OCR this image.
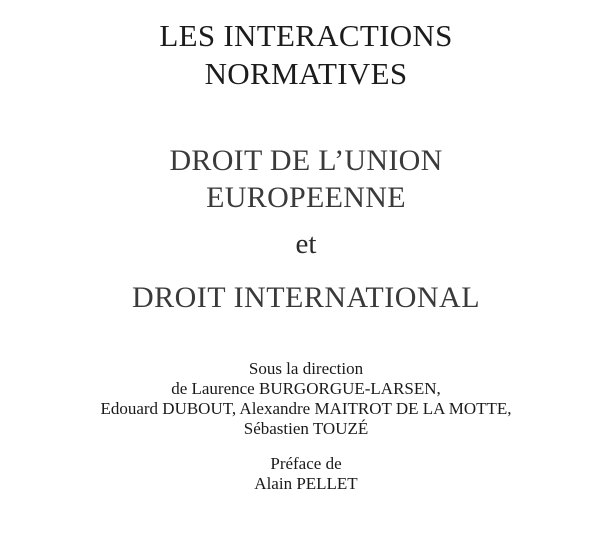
LES INTERACTIONS
NORMATIVES
DROIT DE L’UNION
EUROPEENNE
et
DROIT INTERNATIONAL
Sous la direction
de Laurence BURGORGUE-LARSEN,
Edouard DUBOUT, Alexandre MAITROT DE LA MOTTE,
Sébastien TOUZÉ
Préface de
Alain PELLET
